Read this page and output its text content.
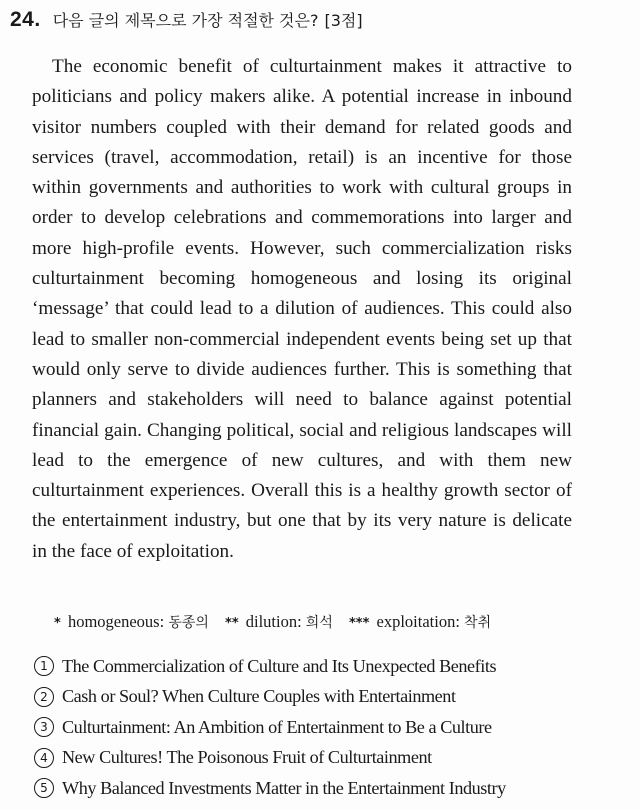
24. 다음 글의 제목으로 가장 적절한 것은? [3점]

The economic benefit of culturtainment makes it attractive to politicians and policy makers alike. A potential increase in inbound visitor numbers coupled with their demand for related goods and services (travel, accommodation, retail) is an incentive for those within governments and authorities to work with cultural groups in order to develop celebrations and commemorations into larger and more high-profile events. However, such commercialization risks culturtainment becoming homogeneous and losing its original ‘message’ that could lead to a dilution of audiences. This could also lead to smaller non-commercial independent events being set up that would only serve to divide audiences further. This is something that planners and stakeholders will need to balance against potential financial gain. Changing political, social and religious landscapes will lead to the emergence of new cultures, and with them new culturtainment experiences. Overall this is a healthy growth sector of the entertainment industry, but one that by its very nature is delicate in the face of exploitation.

* homogeneous: 동종의 ** dilution: 희석 *** exploitation: 착취
1 The Commercialization of Culture and Its Unexpected Benefits
2 Cash or Soul? When Culture Couples with Entertainment
3 Culturtainment: An Ambition of Entertainment to Be a Culture
4 New Cultures! The Poisonous Fruit of Culturtainment
5 Why Balanced Investments Matter in the Entertainment Industry
